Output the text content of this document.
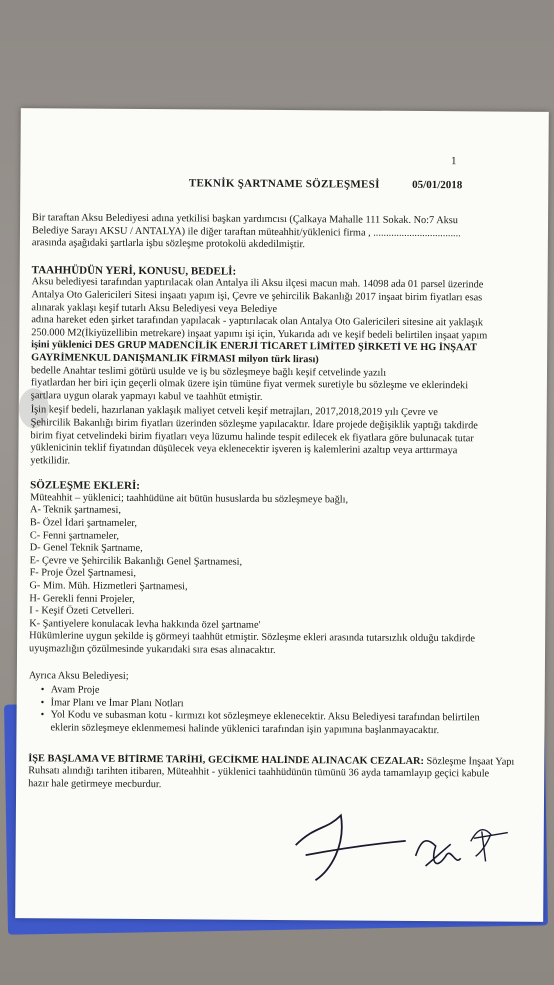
1
TEKNİK ŞARTNAME SÖZLEŞMESİ	05/01/2018
Bir taraftan Aksu Belediyesi adına yetkilisi başkan yardımcısı (Çalkaya Mahalle 111 Sokak. No:7 Aksu
Belediye Sarayı AKSU / ANTALYA) ile diğer taraftan müteahhit/yüklenici firma , ..................................
arasında aşağıdaki şartlarla işbu sözleşme protokolü akdedilmiştir.
TAAHHÜDÜN YERİ, KONUSU, BEDELİ:
Aksu belediyesi tarafından yaptırılacak olan Antalya ili Aksu ilçesi macun mah. 14098 ada 01 parsel üzerinde
Antalya Oto Galericileri Sitesi inşaatı yapım işi, Çevre ve şehircilik Bakanlığı 2017 inşaat birim fiyatları esas
alınarak yaklaşı keşif tutarlı Aksu Belediyesi veya Belediye
adına hareket eden şirket tarafından yapılacak - yaptırılacak olan Antalya Oto Galericileri sitesine ait yaklaşık
250.000 M2(İkiyüzellibin metrekare) inşaat yapımı işi için, Yukarıda adı ve keşif bedeli belirtilen inşaat yapım
işini yüklenici DES GRUP MADENCİLİK ENERJİ TİCARET LİMİTED ŞİRKETİ VE HG İNŞAAT
GAYRİMENKUL DANIŞMANLIK FİRMASI milyon türk lirası)
bedelle Anahtar teslimi götürü usulde ve iş bu sözleşmeye bağlı keşif cetvelinde yazılı
fiyatlardan her biri için geçerli olmak üzere işin tümüne fiyat vermek suretiyle bu sözleşme ve eklerindeki
şartlara uygun olarak yapmayı kabul ve taahhüt etmiştir.
İşin keşif bedeli, hazırlanan yaklaşık maliyet cetveli keşif metrajları, 2017,2018,2019 yılı Çevre ve
Şehircilik Bakanlığı birim fiyatları üzerinden sözleşme yapılacaktır. İdare projede değişiklik yaptığı takdirde
birim fiyat cetvelindeki birim fiyatları veya lüzumu halinde tespit edilecek ek fiyatlara göre bulunacak tutar
yüklenicinin teklif fiyatından düşülecek veya eklenecektir işveren iş kalemlerini azaltıp veya arttırmaya
yetkilidir.
SÖZLEŞME EKLERİ:
Müteahhit – yüklenici; taahhüdüne ait bütün hususlarda bu sözleşmeye bağlı,
A- Teknik şartnamesi,
B- Özel İdari şartnameler,
C- Fenni şartnameler,
D- Genel Teknik Şartname,
E- Çevre ve Şehircilik Bakanlığı Genel Şartnamesi,
F- Proje Özel Şartnamesi,
G- Mim. Müh. Hizmetleri Şartnamesi,
H- Gerekli fenni Projeler,
I - Keşif Özeti Cetvelleri.
K- Şantiyelere konulacak levha hakkında özel şartname'
Hükümlerine uygun şekilde iş görmeyi taahhüt etmiştir. Sözleşme ekleri arasında tutarsızlık olduğu takdirde
uyuşmazlığın çözülmesinde yukarıdaki sıra esas alınacaktır.
Ayrıca Aksu Belediyesi;
• Avam Proje
• İmar Planı ve İmar Planı Notları
• Yol Kodu ve subasman kotu - kırmızı kot sözleşmeye eklenecektir. Aksu Belediyesi tarafından belirtilen
eklerin sözleşmeye eklenmemesi halinde yüklenici tarafından işin yapımına başlanmayacaktır.
İŞE BAŞLAMA VE BİTİRME TARİHİ, GECİKME HALİNDE ALINACAK CEZALAR: Sözleşme İnşaat Yapı
Ruhsatı alındığı tarihten itibaren, Müteahhit - yüklenici taahhüdünün tümünü 36 ayda tamamlayıp geçici kabule
hazır hale getirmeye mecburdur.
